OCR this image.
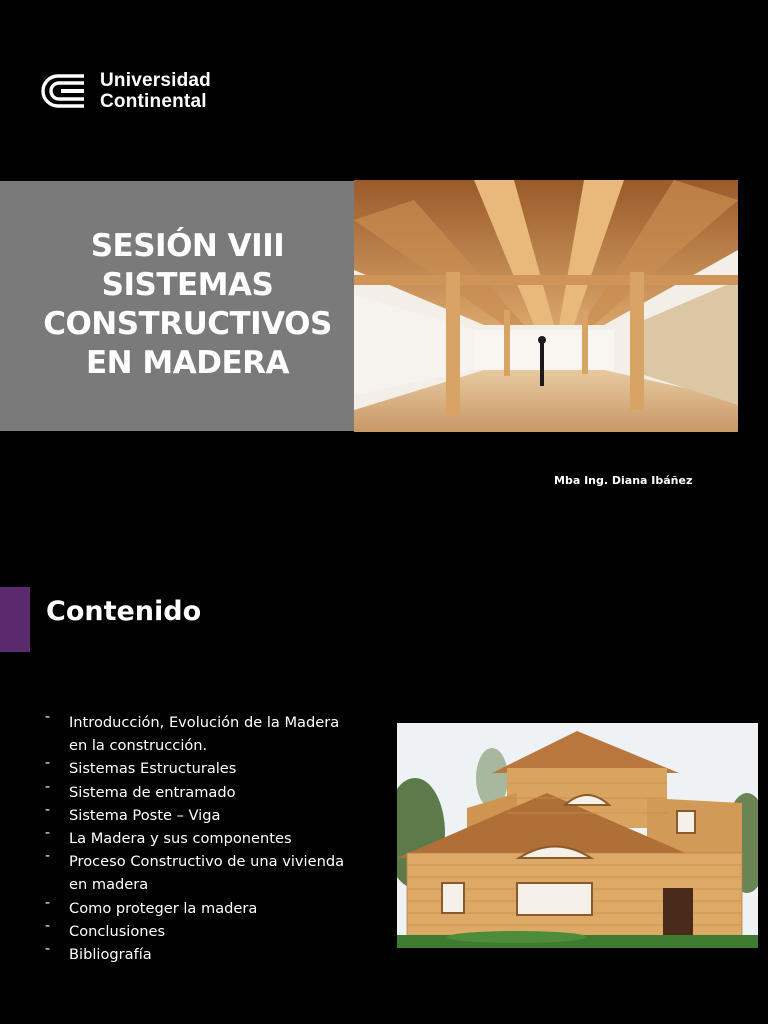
Universidad
Continental
SESIÓN VIII
SISTEMAS
CONSTRUCTIVOS
EN MADERA
Mba Ing. Diana Ibáñez
Contenido
- Introducción, Evolución de la Madera
en la construcción.
- Sistemas Estructurales
- Sistema de entramado
- Sistema Poste – Viga
- La Madera y sus componentes
- Proceso Constructivo de una vivienda
en madera
- Como proteger la madera
- Conclusiones
- Bibliografía
